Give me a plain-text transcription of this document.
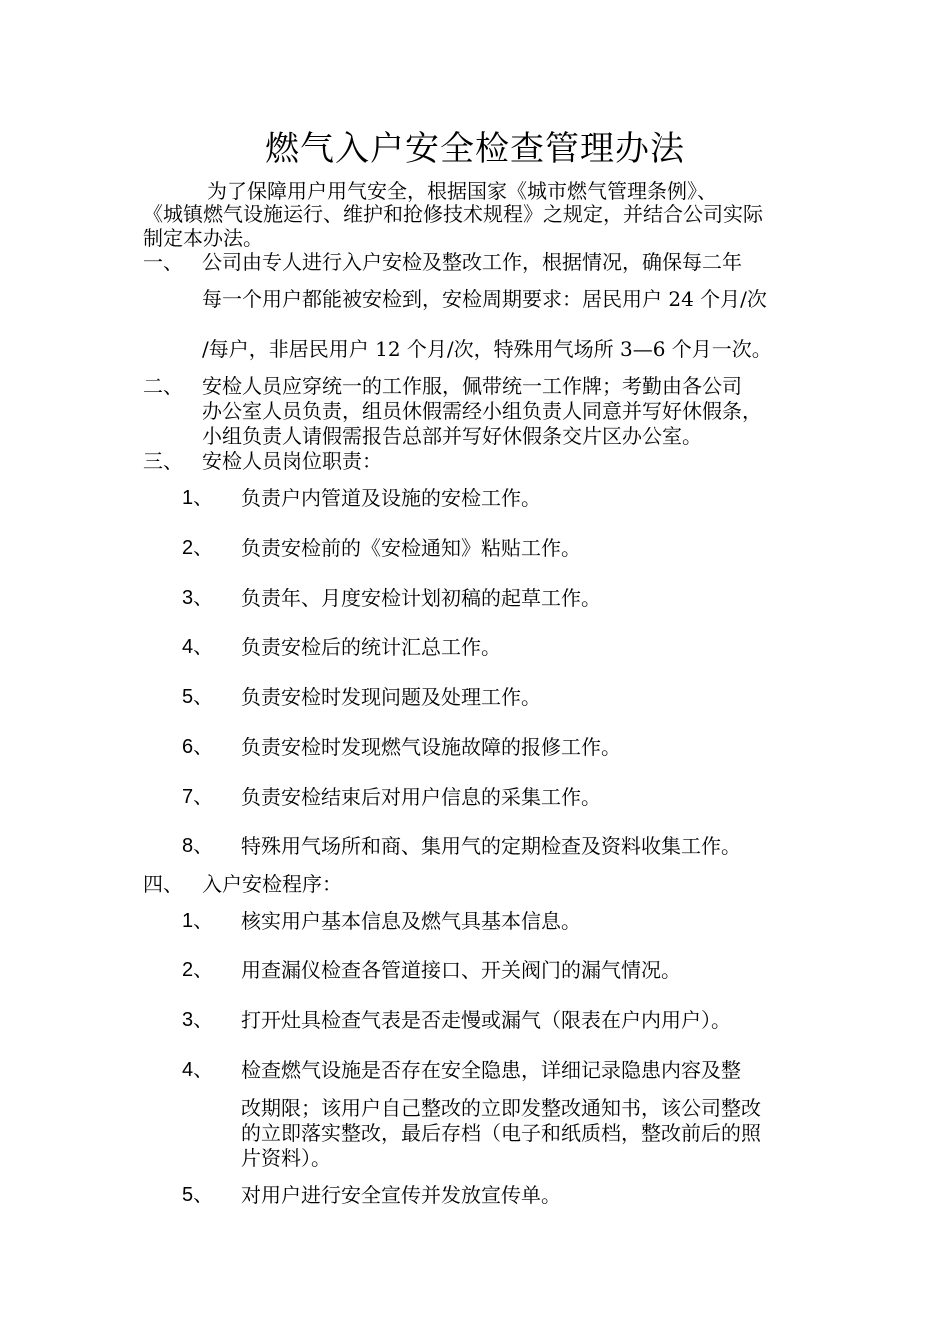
燃气入户安全检查管理办法
为了保障用户用气安全，根据国家《城市燃气管理条例》、
《城镇燃气设施运行、维护和抢修技术规程》之规定，并结合公司实际
制定本办法。
一、 公司由专人进行入户安检及整改工作，根据情况，确保每二年
每一个用户都能被安检到，安检周期要求：居民用户 24 个月/次
/每户，非居民用户 12 个月/次，特殊用气场所 3—6 个月一次。
二、 安检人员应穿统一的工作服，佩带统一工作牌；考勤由各公司
办公室人员负责，组员休假需经小组负责人同意并写好休假条，
小组负责人请假需报告总部并写好休假条交片区办公室。
三、 安检人员岗位职责：
1、 负责户内管道及设施的安检工作。
2、 负责安检前的《安检通知》粘贴工作。
3、 负责年、月度安检计划初稿的起草工作。
4、 负责安检后的统计汇总工作。
5、 负责安检时发现问题及处理工作。
6、 负责安检时发现燃气设施故障的报修工作。
7、 负责安检结束后对用户信息的采集工作。
8、 特殊用气场所和商、集用气的定期检查及资料收集工作。
四、 入户安检程序：
1、 核实用户基本信息及燃气具基本信息。
2、 用查漏仪检查各管道接口、开关阀门的漏气情况。
3、 打开灶具检查气表是否走慢或漏气（限表在户内用户）。
4、 检查燃气设施是否存在安全隐患，详细记录隐患内容及整
改期限；该用户自己整改的立即发整改通知书，该公司整改
的立即落实整改，最后存档（电子和纸质档，整改前后的照
片资料）。
5、 对用户进行安全宣传并发放宣传单。
